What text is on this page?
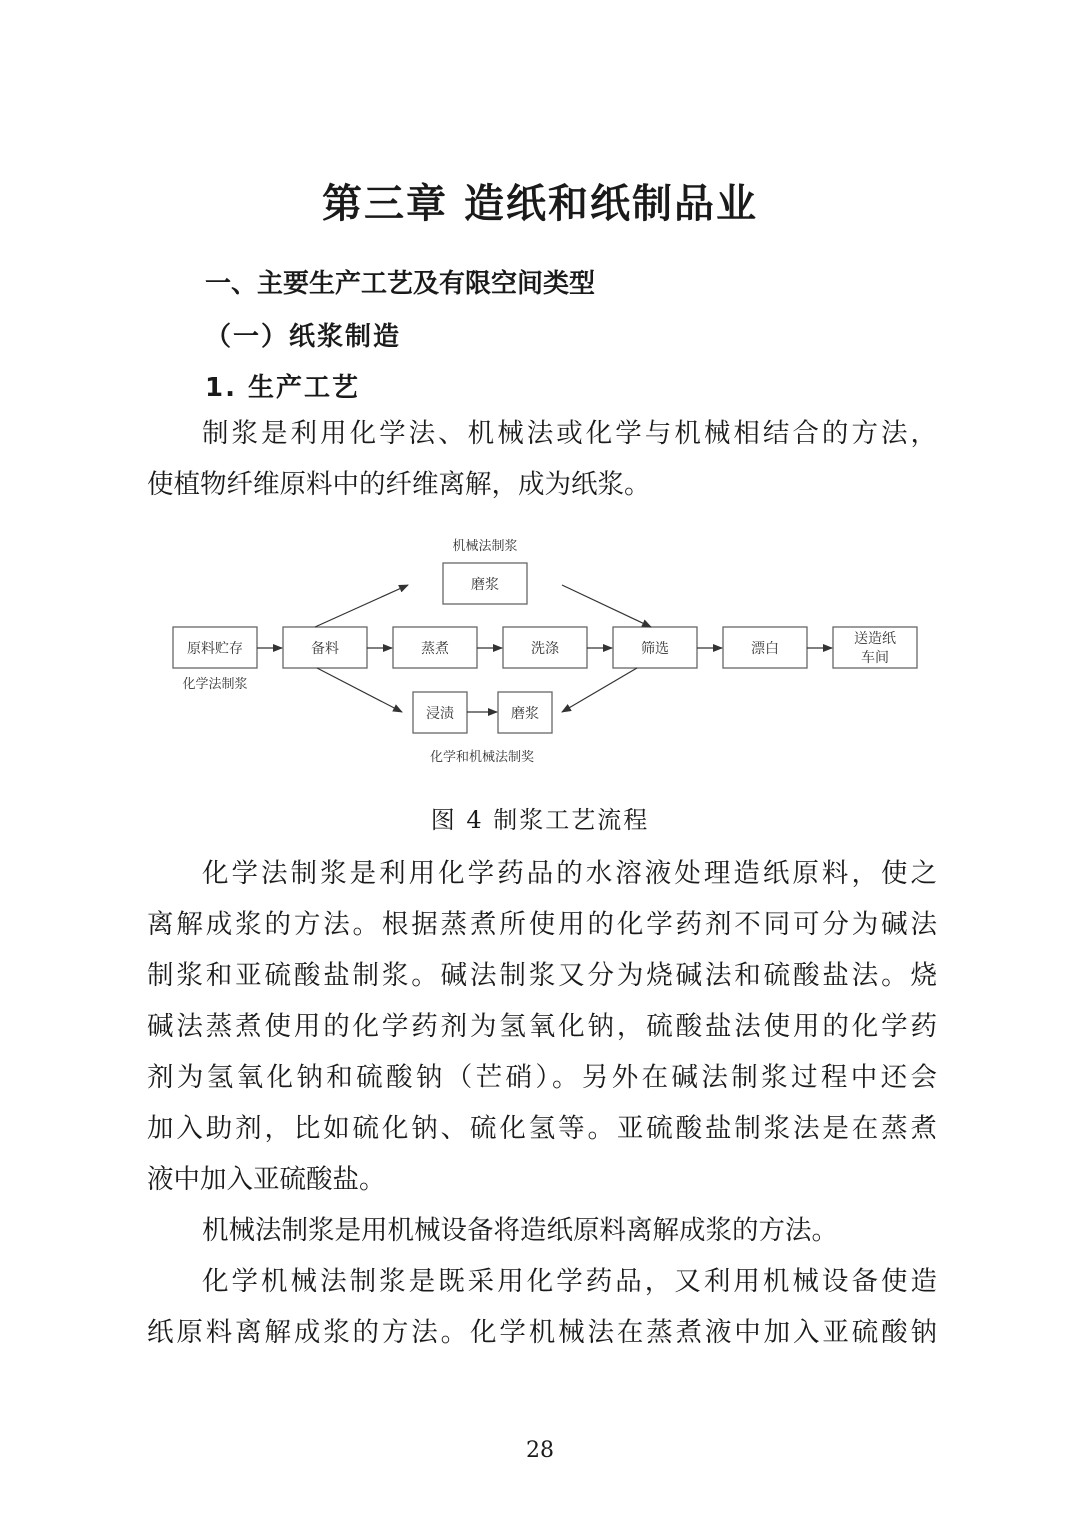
第三章 造纸和纸制品业
一、主要生产工艺及有限空间类型
（一）纸浆制造
1. 生产工艺

制浆是利用化学法、机械法或化学与机械相结合的方法，

使植物纤维原料中的纤维离解，成为纸浆。

机械法制浆
化学法制浆
化学和机械法制奖
原料贮存	备料	蒸煮	洗涤	筛选	漂白
送造纸
车间
磨浆
浸渍	磨浆

图 4 制浆工艺流程

化学法制浆是利用化学药品的水溶液处理造纸原料，使之

离解成浆的方法。根据蒸煮所使用的化学药剂不同可分为碱法

制浆和亚硫酸盐制浆。碱法制浆又分为烧碱法和硫酸盐法。烧

碱法蒸煮使用的化学药剂为氢氧化钠，硫酸盐法使用的化学药

剂为氢氧化钠和硫酸钠（芒硝）。另外在碱法制浆过程中还会

加入助剂，比如硫化钠、硫化氢等。亚硫酸盐制浆法是在蒸煮

液中加入亚硫酸盐。

机械法制浆是用机械设备将造纸原料离解成浆的方法。

化学机械法制浆是既采用化学药品，又利用机械设备使造

纸原料离解成浆的方法。化学机械法在蒸煮液中加入亚硫酸钠

28
